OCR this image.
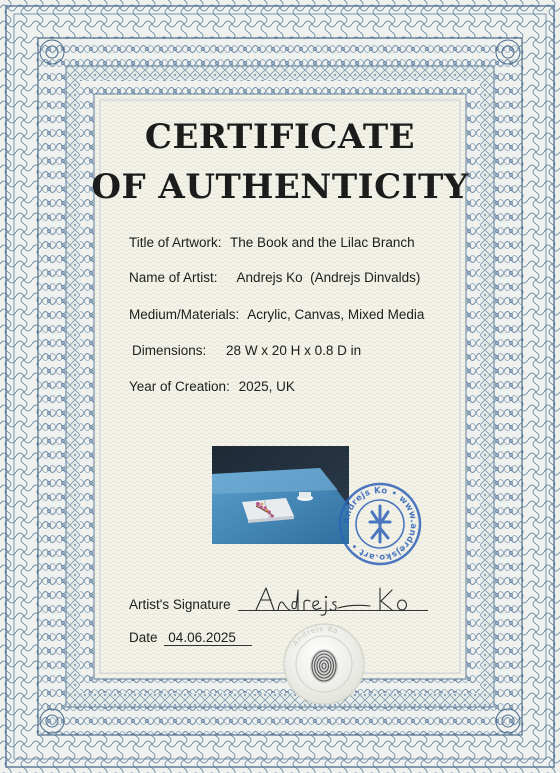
CERTIFICATE
OF AUTHENTICITY
Title of Artwork: The Book and the Lilac Branch
Name of Artist: Andrejs Ko  (Andrejs Dinvalds)
Medium/Materials: Acrylic, Canvas, Mixed Media
Dimensions: 28 W x 20 H x 0.8 D in
Year of Creation: 2025, UK
Andrejs Ko • www.andrejsko.art •
Artist's Signature
Date 04.06.2025	Andrejs Ko
